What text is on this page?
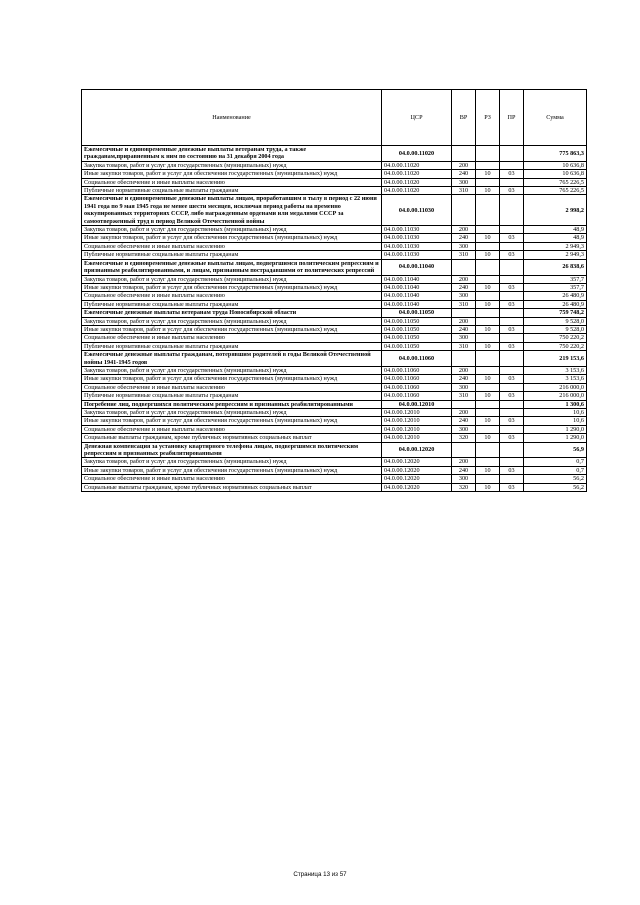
Наименование	ЦСР	ВР	РЗ	ПР	Сумма
Ежемесячные и единовременные денежные выплаты ветеранам труда, а также гражданам,приравненным к ним по состоянию на 31 декабря 2004 года	04.0.00.11020				775 863,3
Закупка товаров, работ и услуг для государственных (муниципальных) нужд	04.0.00.11020	200			10 636,8
Иные закупки товаров, работ и услуг для обеспечения государственных (муниципальных) нужд	04.0.00.11020	240	10	03	10 636,8
Социальное обеспечение и иные выплаты населению	04.0.00.11020	300			765 226,5
Публичные нормативные социальные выплаты гражданам	04.0.00.11020	310	10	03	765 226,5
Ежемесячные и единовременные денежные выплаты лицам, проработавшим в тылу в период с 22 июня 1941 года по 9 мая 1945 года не менее шести месяцев, исключая период работы на временно оккупированных территориях СССР, либо награжденным орденами или медалями СССР за самоотверженный труд в период Великой Отечественной войны	04.0.00.11030				2 998,2
Закупка товаров, работ и услуг для государственных (муниципальных) нужд	04.0.00.11030	200			48,9
Иные закупки товаров, работ и услуг для обеспечения государственных (муниципальных) нужд	04.0.00.11030	240	10	03	48,9
Социальное обеспечение и иные выплаты населению	04.0.00.11030	300			2 949,3
Публичные нормативные социальные выплаты гражданам	04.0.00.11030	310	10	03	2 949,3
Ежемесячные и единовременные денежные выплаты лицам, подвергшимся политическим репрессиям и признанным реабилитированными, и лицам, признанным пострадавшими от политических репрессий	04.0.00.11040				26 838,6
Закупка товаров, работ и услуг для государственных (муниципальных) нужд	04.0.00.11040	200			357,7
Иные закупки товаров, работ и услуг для обеспечения государственных (муниципальных) нужд	04.0.00.11040	240	10	03	357,7
Социальное обеспечение и иные выплаты населению	04.0.00.11040	300			26 480,9
Публичные нормативные социальные выплаты гражданам	04.0.00.11040	310	10	03	26 480,9
Ежемесячные денежные выплаты ветеранам труда Новосибирской области	04.0.00.11050				759 748,2
Закупка товаров, работ и услуг для государственных (муниципальных) нужд	04.0.00.11050	200			9 528,0
Иные закупки товаров, работ и услуг для обеспечения государственных (муниципальных) нужд	04.0.00.11050	240	10	03	9 528,0
Социальное обеспечение и иные выплаты населению	04.0.00.11050	300			750 220,2
Публичные нормативные социальные выплаты гражданам	04.0.00.11050	310	10	03	750 220,2
Ежемесячные денежные выплаты гражданам, потерявшим родителей в годы Великой Отечественной войны 1941-1945 годов	04.0.00.11060				219 153,6
Закупка товаров, работ и услуг для государственных (муниципальных) нужд	04.0.00.11060	200			3 153,6
Иные закупки товаров, работ и услуг для обеспечения государственных (муниципальных) нужд	04.0.00.11060	240	10	03	3 153,6
Социальное обеспечение и иные выплаты населению	04.0.00.11060	300			216 000,0
Публичные нормативные социальные выплаты гражданам	04.0.00.11060	310	10	03	216 000,0
Погребение лиц, подвергшихся политическим репрессиям и признанных реабилитированными	04.0.00.12010				1 300,6
Закупка товаров, работ и услуг для государственных (муниципальных) нужд	04.0.00.12010	200			10,6
Иные закупки товаров, работ и услуг для обеспечения государственных (муниципальных) нужд	04.0.00.12010	240	10	03	10,6
Социальное обеспечение и иные выплаты населению	04.0.00.12010	300			1 290,0
Социальные выплаты гражданам, кроме публичных нормативных социальных выплат	04.0.00.12010	320	10	03	1 290,0
Денежная компенсация за установку квартирного телефона лицам, подвергшимся политическим репрессиям и признанных реабилитированными	04.0.00.12020				56,9
Закупка товаров, работ и услуг для государственных (муниципальных) нужд	04.0.00.12020	200			0,7
Иные закупки товаров, работ и услуг для обеспечения государственных (муниципальных) нужд	04.0.00.12020	240	10	03	0,7
Социальное обеспечение и иные выплаты населению	04.0.00.12020	300			56,2
Социальные выплаты гражданам, кроме публичных нормативных социальных выплат	04.0.00.12020	320	10	03	56,2
Страница 13 из 57
